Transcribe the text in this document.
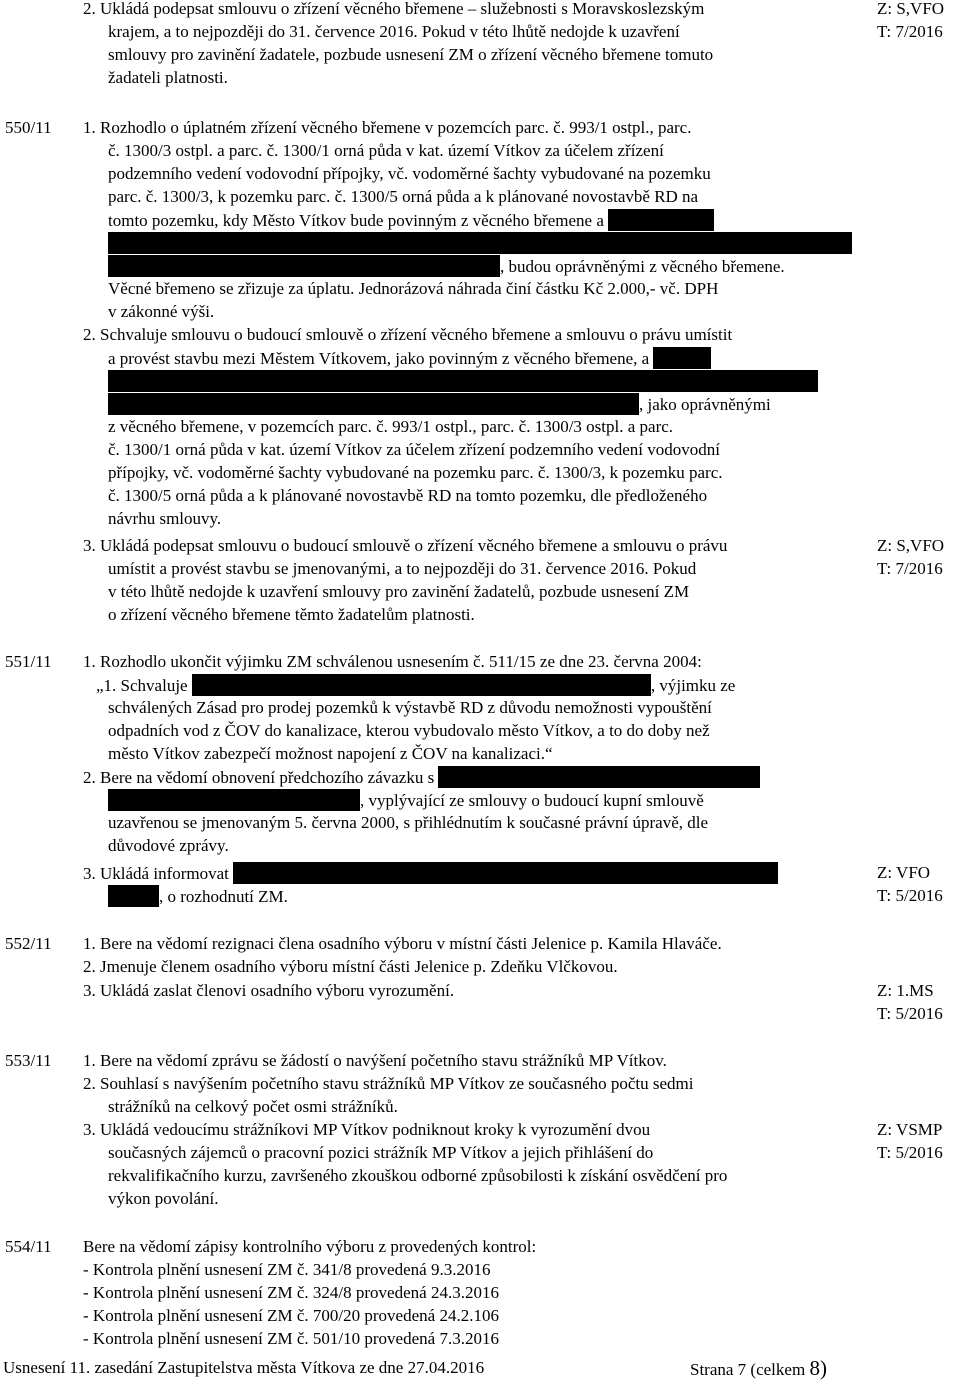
2. Ukládá podepsat smlouvu o zřízení věcného břemene – služebnosti s Moravskoslezským
krajem, a to nejpozději do 31. července 2016. Pokud v této lhůtě nedojde k uzavření
smlouvy pro zavinění žadatele, pozbude usnesení ZM o zřízení věcného břemene tomuto
žadateli platnosti.
Z: S,VFO
T: 7/2016
550/11 1. Rozhodlo o úplatném zřízení věcného břemene v pozemcích parc. č. 993/1 ostpl., parc.
č. 1300/3 ostpl. a parc. č. 1300/1 orná půda v kat. území Vítkov za účelem zřízení
podzemního vedení vodovodní přípojky, vč. vodoměrné šachty vybudované na pozemku
parc. č. 1300/3, k pozemku parc. č. 1300/5 orná půda a k plánované novostavbě RD na
tomto pozemku, kdy Město Vítkov bude povinným z věcného břemene a
, budou oprávněnými z věcného břemene.
Věcné břemeno se zřizuje za úplatu. Jednorázová náhrada činí částku Kč 2.000,- vč. DPH
v zákonné výši.
2. Schvaluje smlouvu o budoucí smlouvě o zřízení věcného břemene a smlouvu o právu umístit
a provést stavbu mezi Městem Vítkovem, jako povinným z věcného břemene, a
, jako oprávněnými
z věcného břemene, v pozemcích parc. č. 993/1 ostpl., parc. č. 1300/3 ostpl. a parc.
č. 1300/1 orná půda v kat. území Vítkov za účelem zřízení podzemního vedení vodovodní
přípojky, vč. vodoměrné šachty vybudované na pozemku parc. č. 1300/3, k pozemku parc.
č. 1300/5 orná půda a k plánované novostavbě RD na tomto pozemku, dle předloženého
návrhu smlouvy.
3. Ukládá podepsat smlouvu o budoucí smlouvě o zřízení věcného břemene a smlouvu o právu
umístit a provést stavbu se jmenovanými, a to nejpozději do 31. července 2016. Pokud
v této lhůtě nedojde k uzavření smlouvy pro zavinění žadatelů, pozbude usnesení ZM
o zřízení věcného břemene těmto žadatelům platnosti.
Z: S,VFO
T: 7/2016
551/11 1. Rozhodlo ukončit výjimku ZM schválenou usnesením č. 511/15 ze dne 23. června 2004:
„1. Schvaluje	, výjimku ze
schválených Zásad pro prodej pozemků k výstavbě RD z důvodu nemožnosti vypouštění
odpadních vod z ČOV do kanalizace, kterou vybudovalo město Vítkov, a to do doby než
město Vítkov zabezpečí možnost napojení z ČOV na kanalizaci.“
2. Bere na vědomí obnovení předchozího závazku s
, vyplývající ze smlouvy o budoucí kupní smlouvě
uzavřenou se jmenovaným 5. června 2000, s přihlédnutím k současné právní úpravě, dle
důvodové zprávy.
3. Ukládá informovat
, o rozhodnutí ZM.
Z: VFO
T: 5/2016
552/11 1. Bere na vědomí rezignaci člena osadního výboru v místní části Jelenice p. Kamila Hlaváče.
2. Jmenuje členem osadního výboru místní části Jelenice p. Zdeňku Vlčkovou.
3. Ukládá zaslat členovi osadního výboru vyrozumění.	Z: 1.MS
T: 5/2016
553/11 1. Bere na vědomí zprávu se žádostí o navýšení početního stavu strážníků MP Vítkov.
2. Souhlasí s navýšením početního stavu strážníků MP Vítkov ze současného počtu sedmi
strážníků na celkový počet osmi strážníků.
3. Ukládá vedoucímu strážníkovi MP Vítkov podniknout kroky k vyrozumění dvou
současných zájemců o pracovní pozici strážník MP Vítkov a jejich přihlášení do
rekvalifikačního kurzu, završeného zkouškou odborné způsobilosti k získání osvědčení pro
výkon povolání.
Z: VSMP
T: 5/2016
554/11 Bere na vědomí zápisy kontrolního výboru z provedených kontrol:
- Kontrola plnění usnesení ZM č. 341/8 provedená 9.3.2016
- Kontrola plnění usnesení ZM č. 324/8 provedená 24.3.2016
- Kontrola plnění usnesení ZM č. 700/20 provedená 24.2.106
- Kontrola plnění usnesení ZM č. 501/10 provedená 7.3.2016
Usnesení 11. zasedání Zastupitelstva města Vítkova ze dne 27.04.2016	Strana 7 (celkem 8)
